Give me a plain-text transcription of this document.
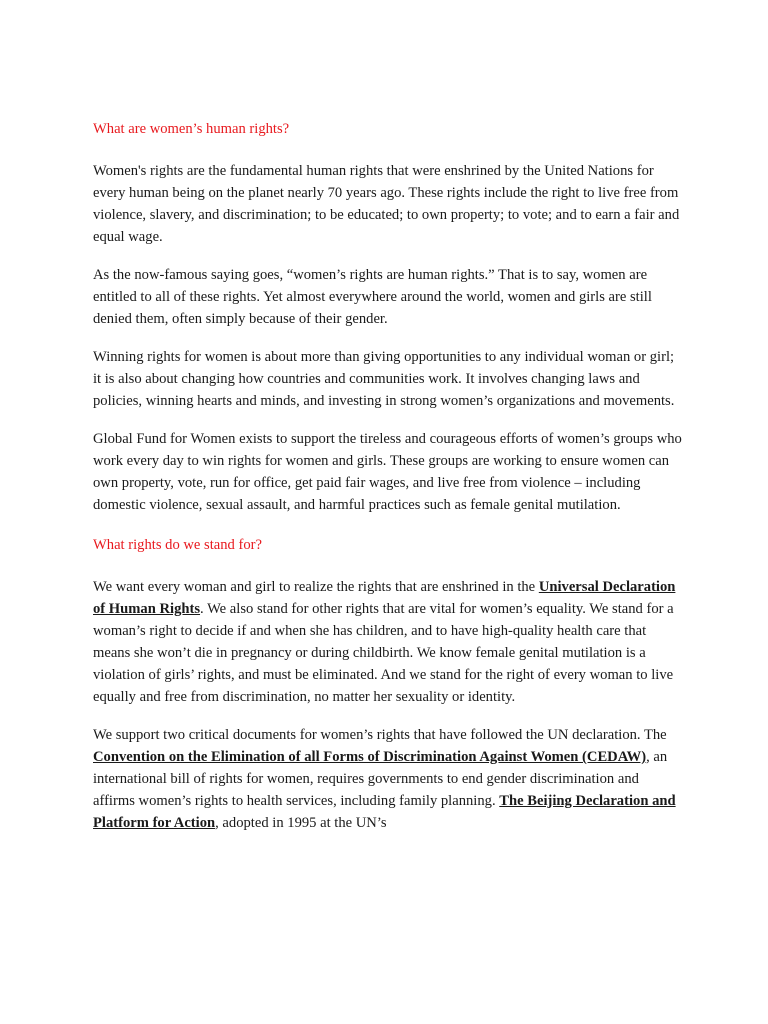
What are women’s human rights?

Women's rights are the fundamental human rights that were enshrined by the United Nations for every human being on the planet nearly 70 years ago. These rights include the right to live free from violence, slavery, and discrimination; to be educated; to own property; to vote; and to earn a fair and equal wage.

As the now-famous saying goes, “women’s rights are human rights.” That is to say, women are entitled to all of these rights. Yet almost everywhere around the world, women and girls are still denied them, often simply because of their gender.

Winning rights for women is about more than giving opportunities to any individual woman or girl; it is also about changing how countries and communities work. It involves changing laws and policies, winning hearts and minds, and investing in strong women’s organizations and movements.

Global Fund for Women exists to support the tireless and courageous efforts of women’s groups who work every day to win rights for women and girls. These groups are working to ensure women can own property, vote, run for office, get paid fair wages, and live free from violence – including domestic violence, sexual assault, and harmful practices such as female genital mutilation.

What rights do we stand for?

We want every woman and girl to realize the rights that are enshrined in the Universal Declaration of Human Rights. We also stand for other rights that are vital for women’s equality. We stand for a woman’s right to decide if and when she has children, and to have high-quality health care that means she won’t die in pregnancy or during childbirth. We know female genital mutilation is a violation of girls’ rights, and must be eliminated. And we stand for the right of every woman to live equally and free from discrimination, no matter her sexuality or identity.

We support two critical documents for women’s rights that have followed the UN declaration. The Convention on the Elimination of all Forms of Discrimination Against Women (CEDAW), an international bill of rights for women, requires governments to end gender discrimination and affirms women’s rights to health services, including family planning. The Beijing Declaration and Platform for Action, adopted in 1995 at the UN’s
